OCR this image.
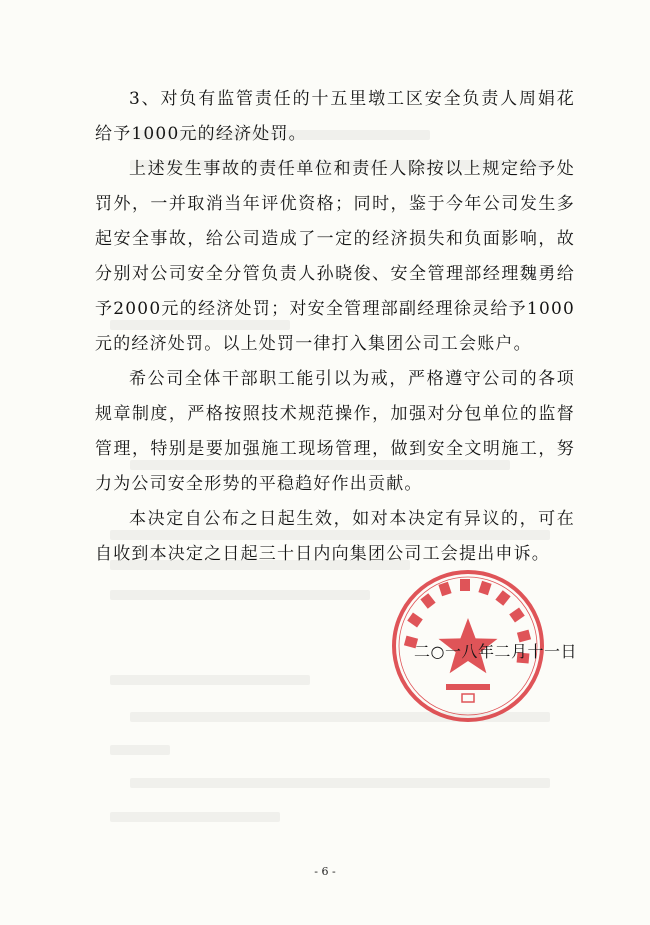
3、对负有监管责任的十五里墩工区安全负责人周娟花给予1000元的经济处罚。

上述发生事故的责任单位和责任人除按以上规定给予处罚外，一并取消当年评优资格；同时，鉴于今年公司发生多起安全事故，给公司造成了一定的经济损失和负面影响，故分别对公司安全分管负责人孙晓俊、安全管理部经理魏勇给予2000元的经济处罚；对安全管理部副经理徐灵给予1000元的经济处罚。以上处罚一律打入集团公司工会账户。

希公司全体干部职工能引以为戒，严格遵守公司的各项规章制度，严格按照技术规范操作，加强对分包单位的监督管理，特别是要加强施工现场管理，做到安全文明施工，努力为公司安全形势的平稳趋好作出贡献。

本决定自公布之日起生效，如对本决定有异议的，可在自收到本决定之日起三十日内向集团公司工会提出申诉。

二○一八年二月十一日
- 6 -
